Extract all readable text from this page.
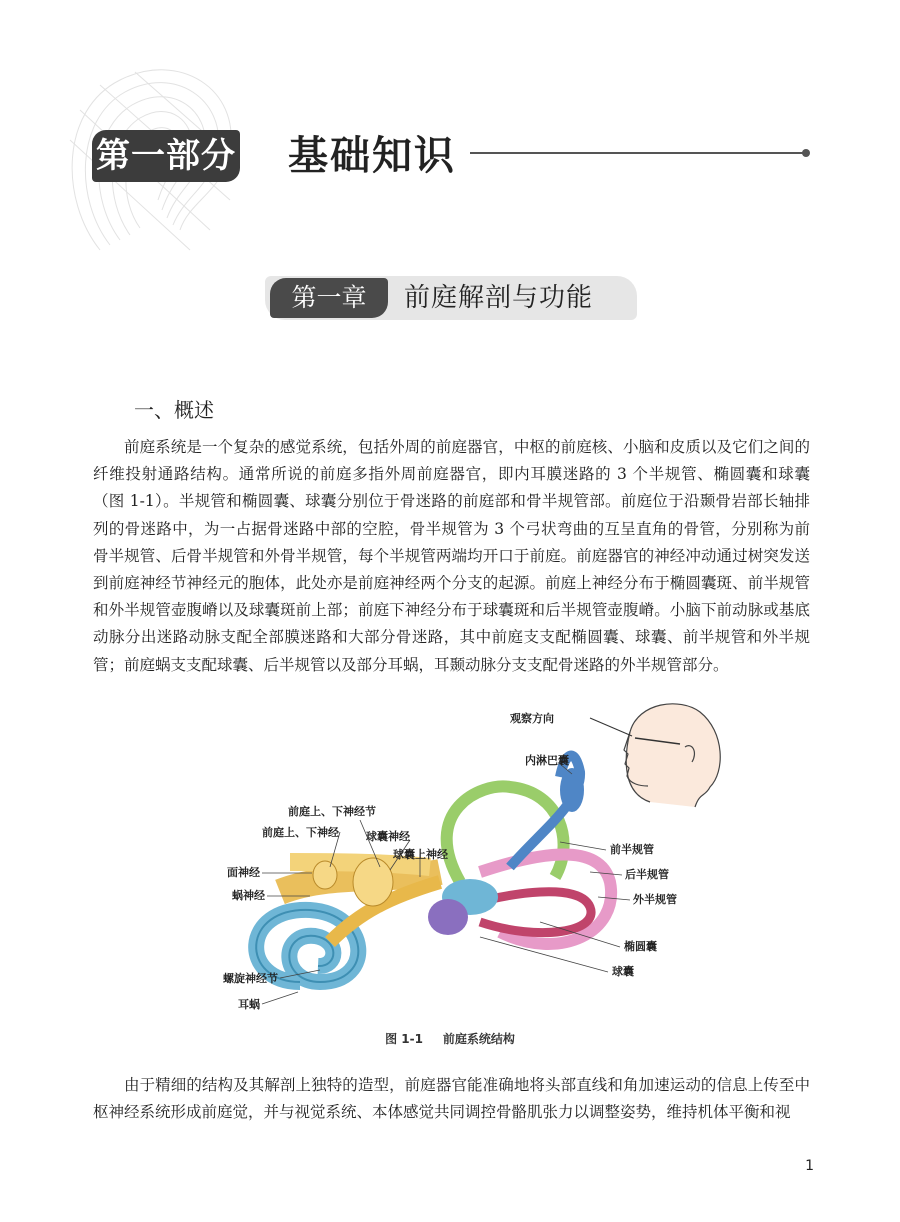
第一部分 基础知识
第一章	前庭解剖与功能
一、概述

前庭系统是一个复杂的感觉系统，包括外周的前庭器官，中枢的前庭核、小脑和皮质以及它们之间的纤维投射通路结构。通常所说的前庭多指外周前庭器官，即内耳膜迷路的 3 个半规管、椭圆囊和球囊（图 1-1）。半规管和椭圆囊、球囊分别位于骨迷路的前庭部和骨半规管部。前庭位于沿颞骨岩部长轴排列的骨迷路中，为一占据骨迷路中部的空腔，骨半规管为 3 个弓状弯曲的互呈直角的骨管，分别称为前骨半规管、后骨半规管和外骨半规管，每个半规管两端均开口于前庭。前庭器官的神经冲动通过树突发送到前庭神经节神经元的胞体，此处亦是前庭神经两个分支的起源。前庭上神经分布于椭圆囊斑、前半规管和外半规管壶腹嵴以及球囊斑前上部；前庭下神经分布于球囊斑和后半规管壶腹嵴。小脑下前动脉或基底动脉分出迷路动脉支配全部膜迷路和大部分骨迷路，其中前庭支支配椭圆囊、球囊、前半规管和外半规管；前庭蜗支支配球囊、后半规管以及部分耳蜗，耳颞动脉分支支配骨迷路的外半规管部分。

观察方向
内淋巴囊
前庭上、下神经节
前庭上、下神经 球囊神经
球囊上神经
面神经
蜗神经
前半规管
后半规管
外半规管
椭圆囊
球囊
螺旋神经节
耳蜗
图 1-1 前庭系统结构

由于精细的结构及其解剖上独特的造型，前庭器官能准确地将头部直线和角加速运动的信息上传至中枢神经系统形成前庭觉，并与视觉系统、本体感觉共同调控骨骼肌张力以调整姿势，维持机体平衡和视

1
